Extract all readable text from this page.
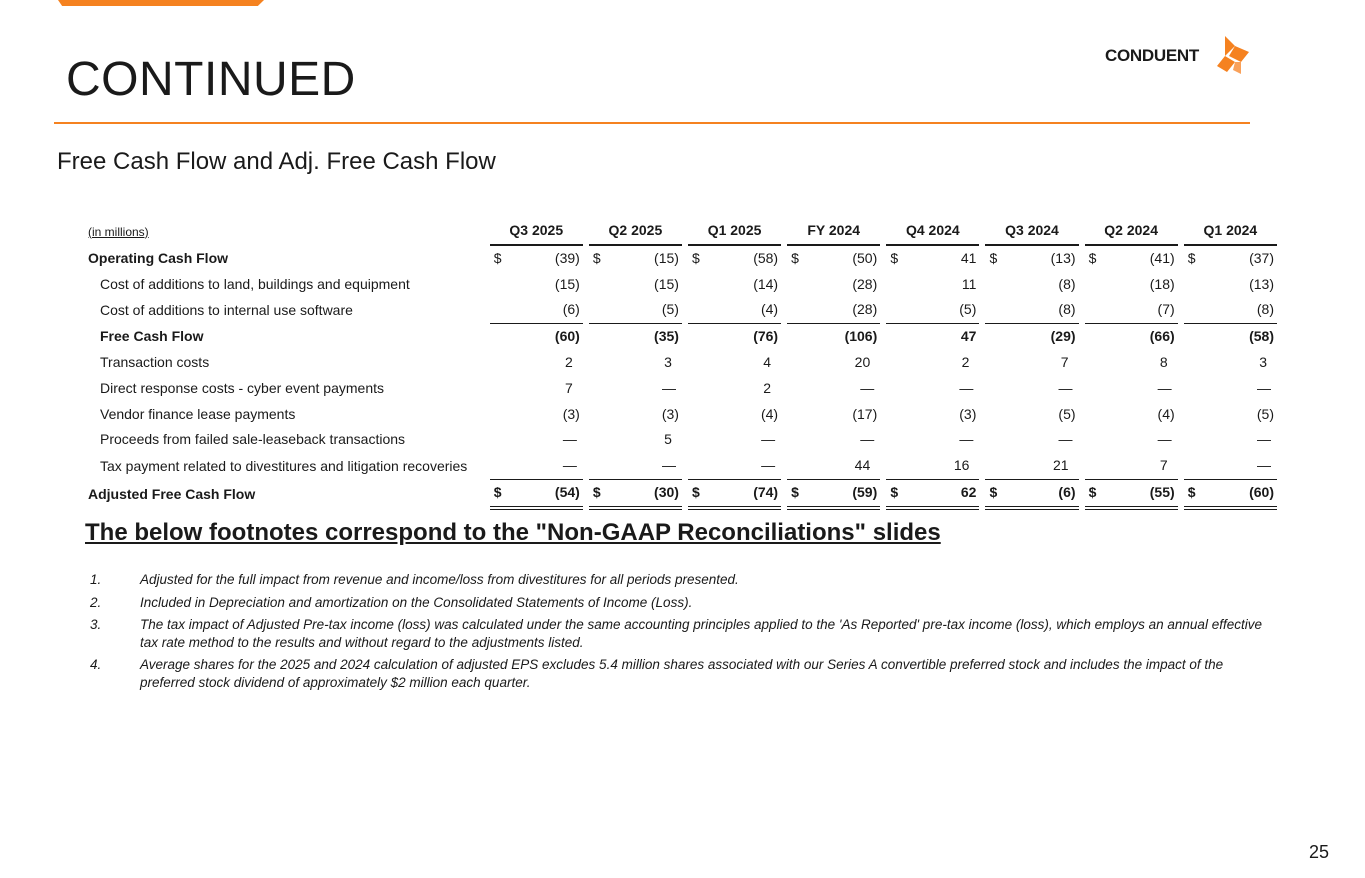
CONTINUED	CONDUENT
Free Cash Flow and Adj. Free Cash Flow
(in millions)	Q3 2025			Q2 2025			Q1 2025			FY 2024			Q4 2024			Q3 2024			Q2 2024			Q1 2024	
Operating Cash Flow	$	(39)		$	(15)		$	(58)		$	(50)		$	41		$	(13)		$	(41)		$	(37)
Cost of additions to land, buildings and equipment		(15)			(15)			(14)			(28)			11			(8)			(18)			(13)
Cost of additions to internal use software		(6)			(5)			(4)			(28)			(5)			(8)			(7)			(8)
Free Cash Flow		(60)			(35)			(76)			(106)			47			(29)			(66)			(58)
Transaction costs		2			3			4			20			2			7			8			3
Direct response costs - cyber event payments		7			—			2			—			—			—			—			—
Vendor finance lease payments		(3)			(3)			(4)			(17)			(3)			(5)			(4)			(5)
Proceeds from failed sale-leaseback transactions		—			5			—			—			—			—			—			—
Tax payment related to divestitures and litigation recoveries		—			—			—			44			16			21			7			—
Adjusted Free Cash Flow	$	(54)		$	(30)		$	(74)		$	(59)		$	62		$	(6)		$	(55)		$	(60)
The below footnotes correspond to the "Non-GAAP Reconciliations" slides
1.	Adjusted for the full impact from revenue and income/loss from divestitures for all periods presented.
2.	Included in Depreciation and amortization on the Consolidated Statements of Income (Loss).
3.	The tax impact of Adjusted Pre-tax income (loss) was calculated under the same accounting principles applied to the 'As Reported' pre-tax income (loss), which employs an annual effective tax rate method to the results and without regard to the adjustments listed.
4.	Average shares for the 2025 and 2024 calculation of adjusted EPS excludes 5.4 million shares associated with our Series A convertible preferred stock and includes the impact of the preferred stock dividend of approximately $2 million each quarter.
25
